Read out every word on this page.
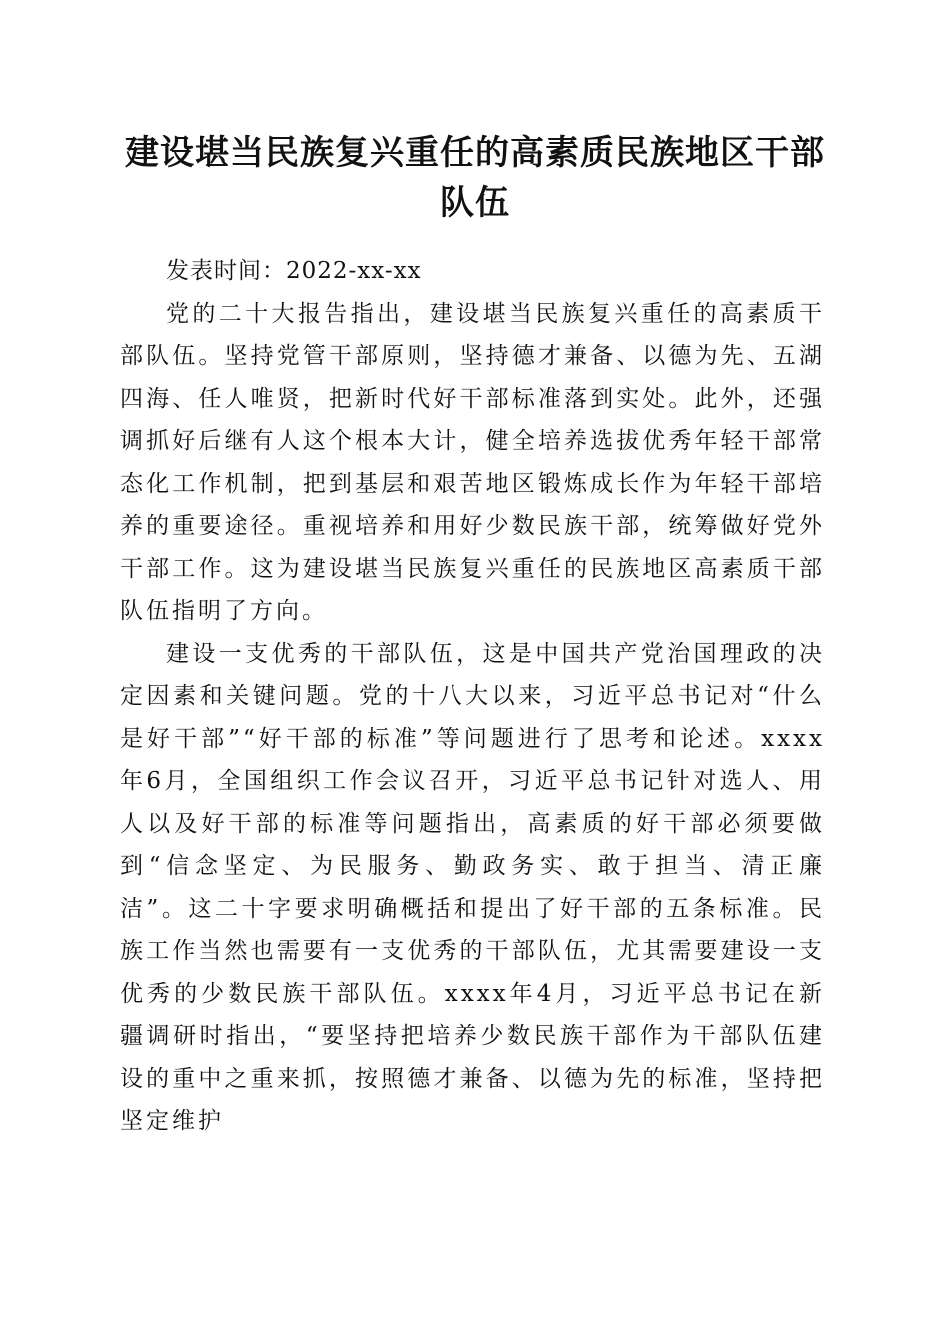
建设堪当民族复兴重任的高素质民族地区干部队伍

发表时间：2022-xx-xx

党的二十大报告指出，建设堪当民族复兴重任的高素质干部队伍。坚持党管干部原则，坚持德才兼备、以德为先、五湖四海、任人唯贤，把新时代好干部标准落到实处。此外，还强调抓好后继有人这个根本大计，健全培养选拔优秀年轻干部常态化工作机制，把到基层和艰苦地区锻炼成长作为年轻干部培养的重要途径。重视培养和用好少数民族干部，统筹做好党外干部工作。这为建设堪当民族复兴重任的民族地区高素质干部队伍指明了方向。

建设一支优秀的干部队伍，这是中国共产党治国理政的决定因素和关键问题。党的十八大以来，习近平总书记对“什么是好干部”“好干部的标准”等问题进行了思考和论述。xxxx年6月，全国组织工作会议召开，习近平总书记针对选人、用人以及好干部的标准等问题指出，高素质的好干部必须要做到“信念坚定、为民服务、勤政务实、敢于担当、清正廉洁”。这二十字要求明确概括和提出了好干部的五条标准。民族工作当然也需要有一支优秀的干部队伍，尤其需要建设一支优秀的少数民族干部队伍。xxxx年4月，习近平总书记在新疆调研时指出，“要坚持把培养少数民族干部作为干部队伍建设的重中之重来抓，按照德才兼备、以德为先的标准，坚持把坚定维护
